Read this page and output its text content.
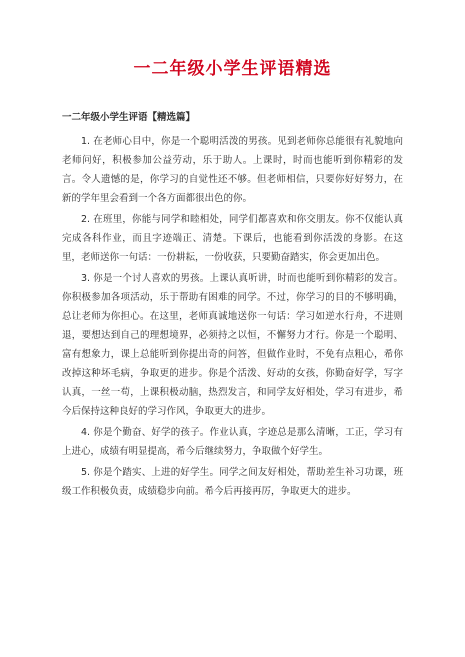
一二年级小学生评语精选
一二年级小学生评语【精选篇】

1. 在老师心目中，你是一个聪明活泼的男孩。见到老师你总能很有礼貌地向老师问好，积极参加公益劳动，乐于助人。上课时，时而也能听到你精彩的发言。令人遗憾的是，你学习的自觉性还不够。但老师相信，只要你好好努力，在新的学年里会看到一个各方面都很出色的你。

2. 在班里，你能与同学和睦相处，同学们都喜欢和你交朋友。你不仅能认真完成各科作业，而且字迹端正、清楚。下课后，也能看到你活泼的身影。在这里，老师送你一句话：一份耕耘，一份收获，只要勤奋踏实，你会更加出色。

3. 你是一个讨人喜欢的男孩。上课认真听讲，时而也能听到你精彩的发言。你积极参加各项活动，乐于帮助有困难的同学。不过，你学习的目的不够明确，总让老师为你担心。在这里，老师真诚地送你一句话：学习如逆水行舟，不进则退，要想达到自己的理想境界，必须持之以恒，不懈努力才行。你是一个聪明、富有想象力，课上总能听到你提出奇的问答，但做作业时，不免有点粗心，希你改掉这种坏毛病，争取更的进步。你是个活泼、好动的女孩，你勤奋好学，写字认真，一丝一苟，上课积极动脑，热烈发言，和同学友好相处，学习有进步，希今后保持这种良好的学习作风，争取更大的进步。

4. 你是个勤奋、好学的孩子。作业认真，字迹总是那么清晰，工正，学习有上进心，成绩有明显提高，希今后继续努力，争取做个好学生。

5. 你是个踏实、上进的好学生。同学之间友好相处，帮助差生补习功课，班级工作积极负责，成绩稳步向前。希今后再接再厉，争取更大的进步。
